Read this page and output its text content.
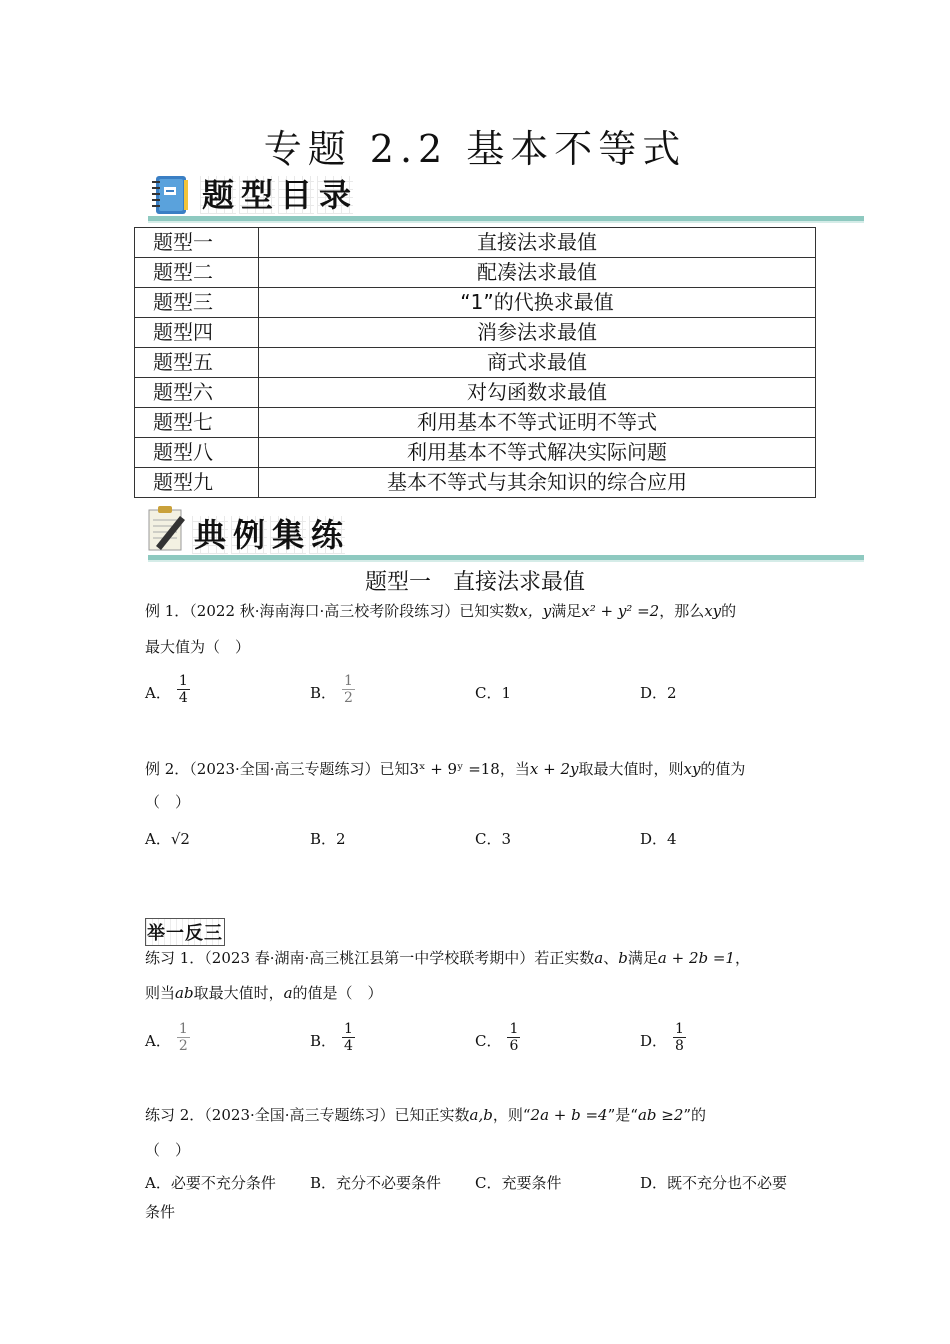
专题 2.2 基本不等式
题 型 目 录
题型一	直接法求最值
题型二	配凑法求最值
题型三	“1”的代换求最值
题型四	消参法求最值
题型五	商式求最值
题型六	对勾函数求最值
题型七	利用基本不等式证明不等式
题型八	利用基本不等式解决实际问题
题型九	基本不等式与其余知识的综合应用
典 例 集 练
题型一　直接法求最值
例 1．（2022 秋·海南海口·高三校考阶段练习）已知实数x，y满足x² + y² =2，那么xy的
最大值为（　）
A． $\frac{1}{4}$	B． $\frac{1}{2}$	C．1	D．2
例 2．（2023·全国·高三专题练习）已知3ˣ + 9ʸ =18，当x + 2y取最大值时，则xy的值为
（　）
A．√2	B．2	C．3	D．4
举一反三
练习 1．（2023 春·湖南·高三桃江县第一中学校联考期中）若正实数a、b满足a + 2b =1，
则当ab取最大值时，a的值是（　）
A． $\frac{1}{2}$	B． $\frac{1}{4}$	C． $\frac{1}{6}$	D． $\frac{1}{8}$
练习 2．（2023·全国·高三专题练习）已知正实数a,b，则“2a + b =4”是“ab ≥2”的
（　）
A．必要不充分条件 B．充分不必要条件 C．充要条件	D．既不充分也不必要
条件
